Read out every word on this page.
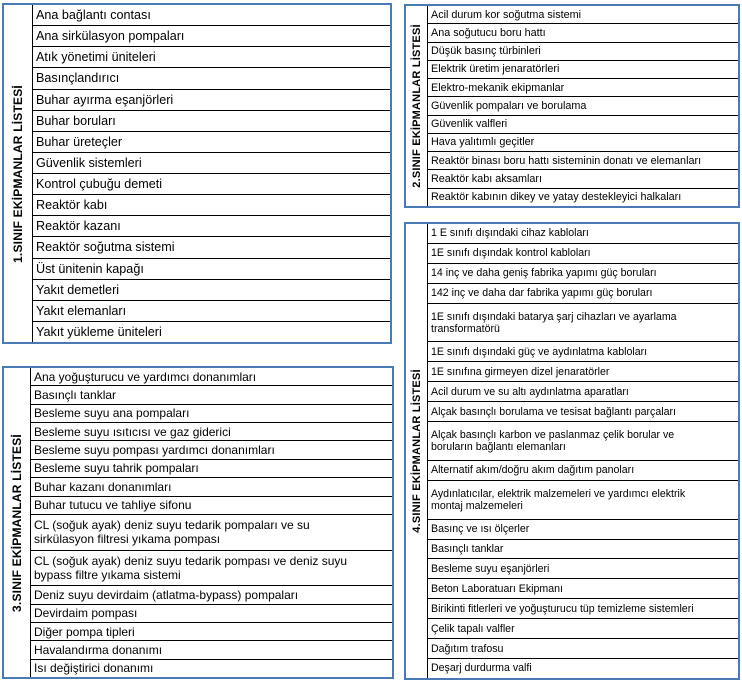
1.SINIF EKİPMANLAR LİSTESİ
Ana bağlantı contası
Ana sirkülasyon pompaları
Atık yönetimi üniteleri
Basınçlandırıcı
Buhar ayırma eşanjörleri
Buhar boruları
Buhar üreteçler
Güvenlik sistemleri
Kontrol çubuğu demeti
Reaktör kabı
Reaktör kazanı
Reaktör soğutma sistemi
Üst ünitenin kapağı
Yakıt demetleri
Yakıt elemanları
Yakıt yükleme üniteleri
2.SINIF EKİPMANLAR LİSTESİ
Acil durum kor soğutma sistemi
Ana soğutucu boru hattı
Düşük basınç türbinleri
Elektrik üretim jenaratörleri
Elektro-mekanik ekipmanlar
Güvenlik pompaları ve borulama
Güvenlik valfleri
Hava yalıtımlı geçitler
Reaktör binası boru hattı sisteminin donatı ve elemanları
Reaktör kabı aksamları
Reaktör kabının dikey ve yatay destekleyici halkaları
3.SINIF EKİPMANLAR LİSTESİ
Ana yoğuşturucu ve yardımcı donanımları
Basınçlı tanklar
Besleme suyu ana pompaları
Besleme suyu ısıtıcısı ve gaz giderici
Besleme suyu pompası yardımcı donanımları
Besleme suyu tahrik pompaları
Buhar kazanı donanımları
Buhar tutucu ve tahliye sifonu
CL (soğuk ayak) deniz suyu tedarik pompaları ve su
sirkülasyon filtresi yıkama pompası
CL (soğuk ayak) deniz suyu tedarik pompası ve deniz suyu
bypass filtre yıkama sistemi
Deniz suyu devirdaim (atlatma-bypass) pompaları
Devirdaim pompası
Diğer pompa tipleri
Havalandırma donanımı
Isı değiştirici donanımı
4.SINIF EKİPMANLAR LİSTESİ
1 E sınıfı dışındaki cihaz kabloları
1E sınıfı dışındak kontrol kabloları
14 inç ve daha geniş fabrika yapımı güç boruları
142 inç ve daha dar fabrika yapımı güç boruları
1E sınıfı dışındaki batarya şarj cihazları ve ayarlama
transformatörü
1E sınıfı dışındaki güç ve aydınlatma kabloları
1E sınıfına girmeyen dizel jenaratörler
Acil durum ve su altı aydınlatma aparatları
Alçak basınçlı borulama ve tesisat bağlantı parçaları
Alçak basınçlı karbon ve paslanmaz çelik borular ve
boruların bağlantı elemanları
Alternatif akım/doğru akım dağıtım panoları
Aydınlatıcılar, elektrik malzemeleri ve yardımcı elektrik
montaj malzemeleri
Basınç ve ısı ölçerler
Basınçlı tanklar
Besleme suyu eşanjörleri
Beton Laboratuarı Ekipmanı
Birikinti fitlerleri ve yoğuşturucu tüp temizleme sistemleri
Çelik tapalı valfler
Dağıtım trafosu
Deşarj durdurma valfi
